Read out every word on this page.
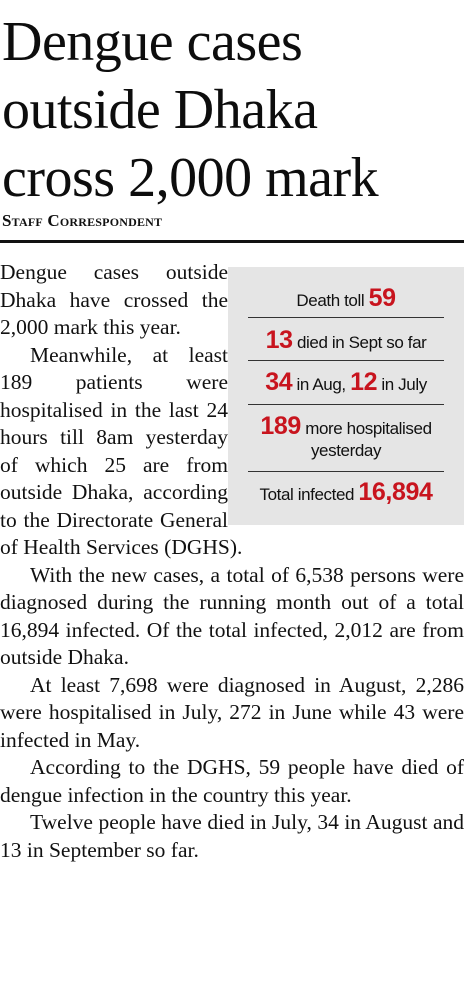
Dengue cases
outside Dhaka
cross 2,000 mark
Staff Correspondent

Dengue cases outside Dhaka have crossed the 2,000 mark this year.

Meanwhile, at least 189 patients were hospitalised in the last 24 hours till 8am yesterday of which 25 are from outside Dhaka, according to the Directorate General of Health Services (DGHS).

With the new cases, a total of 6,538 persons were diagnosed during the running month out of a total 16,894 infected. Of the total infected, 2,012 are from outside Dhaka.

At least 7,698 were diagnosed in August, 2,286 were hospitalised in July, 272 in June while 43 were infected in May.

According to the DGHS, 59 people have died of dengue infection in the country this year.

Twelve people have died in July, 34 in August and 13 in September so far.

Death toll 59
13 died in Sept so far
34 in Aug, 12 in July
189 more hospitalised
yesterday
Total infected 16,894
